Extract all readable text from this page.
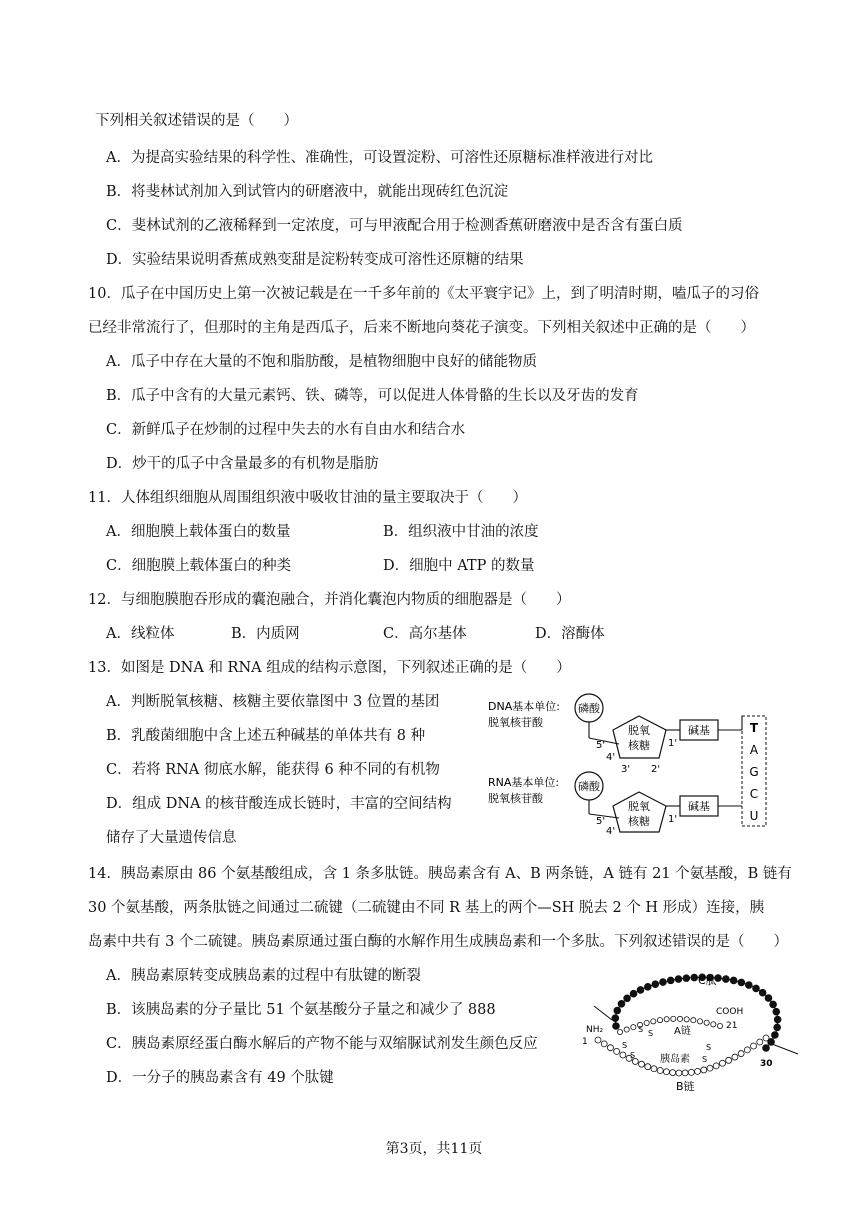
下列相关叙述错误的是（　　）
A．为提高实验结果的科学性、准确性，可设置淀粉、可溶性还原糖标准样液进行对比
B．将斐林试剂加入到试管内的研磨液中，就能出现砖红色沉淀
C．斐林试剂的乙液稀释到一定浓度，可与甲液配合用于检测香蕉研磨液中是否含有蛋白质
D．实验结果说明香蕉成熟变甜是淀粉转变成可溶性还原糖的结果
10．瓜子在中国历史上第一次被记载是在一千多年前的《太平寰宇记》上，到了明清时期，嗑瓜子的习俗
已经非常流行了，但那时的主角是西瓜子，后来不断地向葵花子演变。下列相关叙述中正确的是（　　）
A．瓜子中存在大量的不饱和脂肪酸，是植物细胞中良好的储能物质
B．瓜子中含有的大量元素钙、铁、磷等，可以促进人体骨骼的生长以及牙齿的发育
C．新鲜瓜子在炒制的过程中失去的水有自由水和结合水
D．炒干的瓜子中含量最多的有机物是脂肪
11．人体组织细胞从周围组织液中吸收甘油的量主要取决于（　　）
A．细胞膜上载体蛋白的数量	B．组织液中甘油的浓度
C．细胞膜上载体蛋白的种类	D．细胞中 ATP 的数量
12．与细胞膜胞吞形成的囊泡融合，并消化囊泡内物质的细胞器是（　　）
A．线粒体	B．内质网	C．高尔基体	D．溶酶体
13．如图是 DNA 和 RNA 组成的结构示意图，下列叙述正确的是（　　）
A．判断脱氧核糖、核糖主要依靠图中 3 位置的基团
B．乳酸菌细胞中含上述五种碱基的单体共有 8 种
C．若将 RNA 彻底水解，能获得 6 种不同的有机物
D．组成 DNA 的核苷酸连成长链时，丰富的空间结构
储存了大量遗传信息
DNA基本单位:
脱氧核苷酸
磷酸
脱氧
核糖
5'
4'
1'
3' 2'
碱基	T
A
G
C
U
RNA基本单位:
脱氧核苷酸
磷酸
脱氧
核糖
5'
4'
1'
碱基
14．胰岛素原由 86 个氨基酸组成，含 1 条多肽链。胰岛素含有 A、B 两条链，A 链有 21 个氨基酸，B 链有
30 个氨基酸，两条肽链之间通过二硫键（二硫键由不同 R 基上的两个—SH 脱去 2 个 H 形成）连接，胰
岛素中共有 3 个二硫键。胰岛素原通过蛋白酶的水解作用生成胰岛素和一个多肽。下列叙述错误的是（　　）
A．胰岛素原转变成胰岛素的过程中有肽键的断裂
B．该胰岛素的分子量比 51 个氨基酸分子量之和减少了 888
C．胰岛素原经蛋白酶水解后的产物不能与双缩脲试剂发生颜色反应
D．一分子的胰岛素含有 49 个肽键
C肽
A链
COOH
21
B链
胰岛素
NH₂
1
30
S S
S
S
S
S
第3页，共11页
